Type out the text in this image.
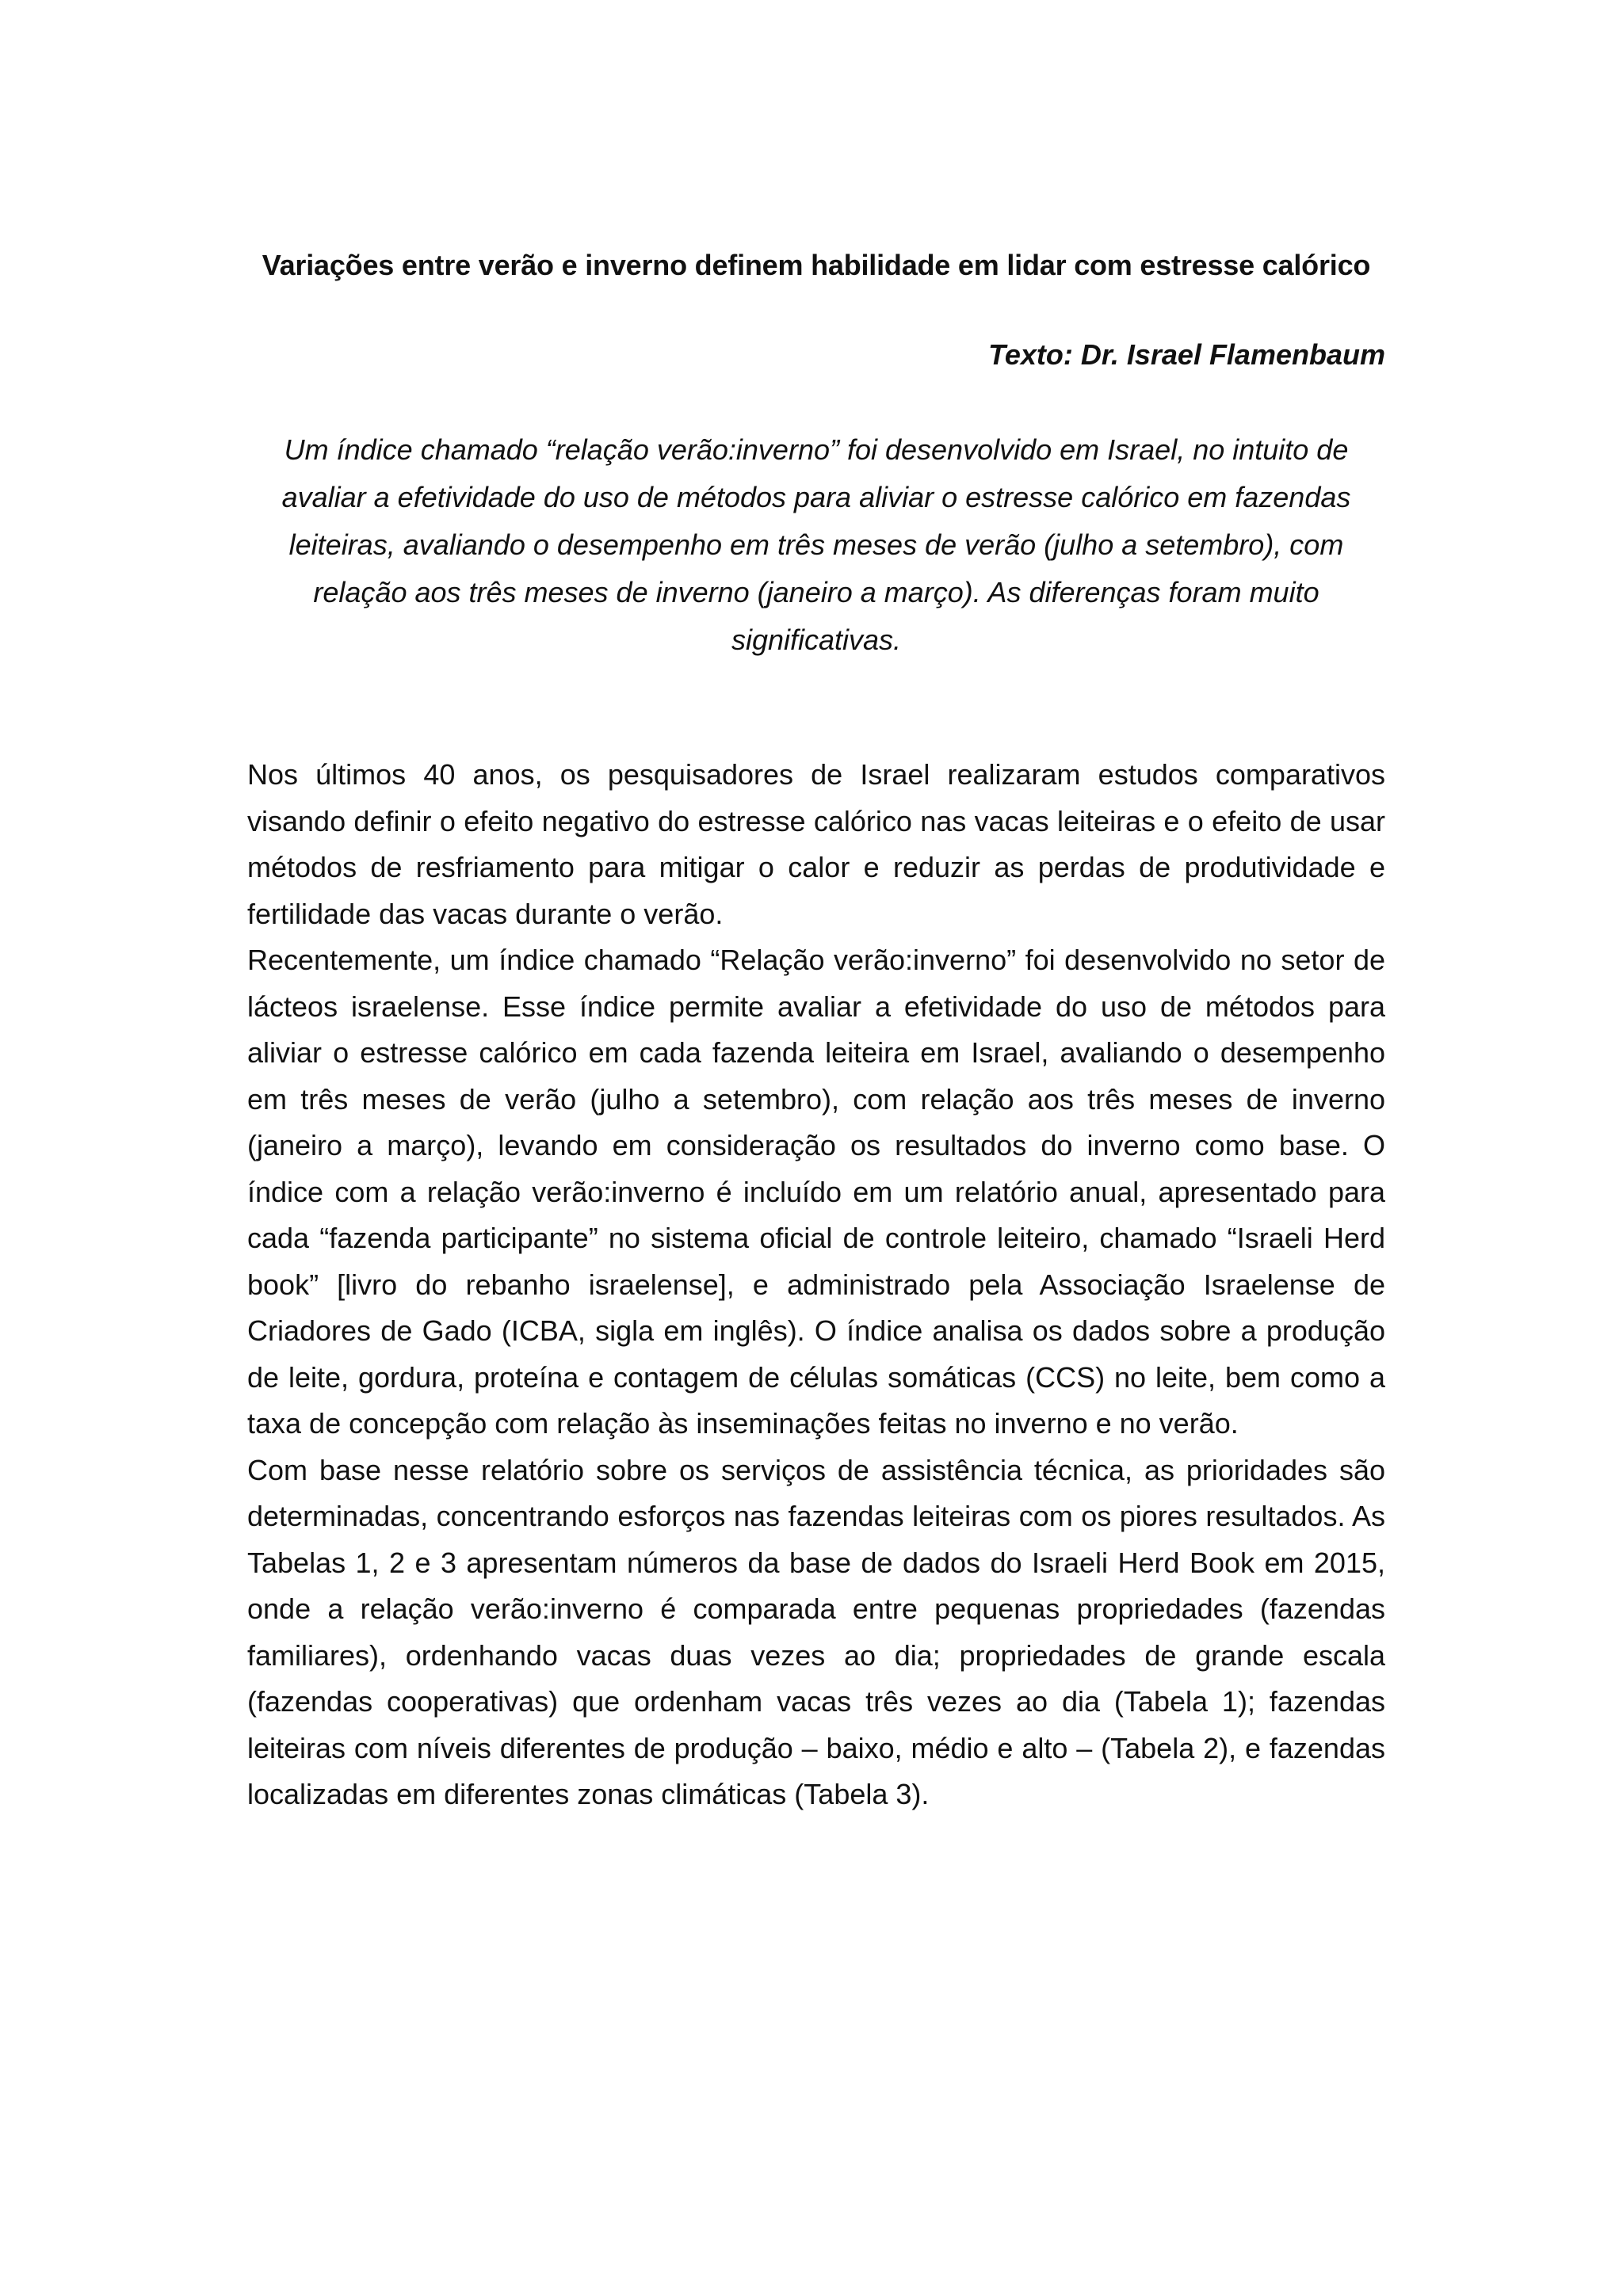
Variações entre verão e inverno definem habilidade em lidar com estresse calórico

Texto: Dr. Israel Flamenbaum

Um índice chamado “relação verão:inverno” foi desenvolvido em Israel, no intuito de avaliar a efetividade do uso de métodos para aliviar o estresse calórico em fazendas leiteiras, avaliando o desempenho em três meses de verão (julho a setembro), com relação aos três meses de inverno (janeiro a março). As diferenças foram muito significativas.

Nos últimos 40 anos, os pesquisadores de Israel realizaram estudos comparativos visando definir o efeito negativo do estresse calórico nas vacas leiteiras e o efeito de usar métodos de resfriamento para mitigar o calor e reduzir as perdas de produtividade e fertilidade das vacas durante o verão.

Recentemente, um índice chamado “Relação verão:inverno” foi desenvolvido no setor de lácteos israelense. Esse índice permite avaliar a efetividade do uso de métodos para aliviar o estresse calórico em cada fazenda leiteira em Israel, avaliando o desempenho em três meses de verão (julho a setembro), com relação aos três meses de inverno (janeiro a março), levando em consideração os resultados do inverno como base. O índice com a relação verão:inverno é incluído em um relatório anual, apresentado para cada “fazenda participante” no sistema oficial de controle leiteiro, chamado “Israeli Herd book” [livro do rebanho israelense], e administrado pela Associação Israelense de Criadores de Gado (ICBA, sigla em inglês). O índice analisa os dados sobre a produção de leite, gordura, proteína e contagem de células somáticas (CCS) no leite, bem como a taxa de concepção com relação às inseminações feitas no inverno e no verão.

Com base nesse relatório sobre os serviços de assistência técnica, as prioridades são determinadas, concentrando esforços nas fazendas leiteiras com os piores resultados. As Tabelas 1, 2 e 3 apresentam números da base de dados do Israeli Herd Book em 2015, onde a relação verão:inverno é comparada entre pequenas propriedades (fazendas familiares), ordenhando vacas duas vezes ao dia; propriedades de grande escala (fazendas cooperativas) que ordenham vacas três vezes ao dia (Tabela 1); fazendas leiteiras com níveis diferentes de produção – baixo, médio e alto – (Tabela 2), e fazendas localizadas em diferentes zonas climáticas (Tabela 3).
